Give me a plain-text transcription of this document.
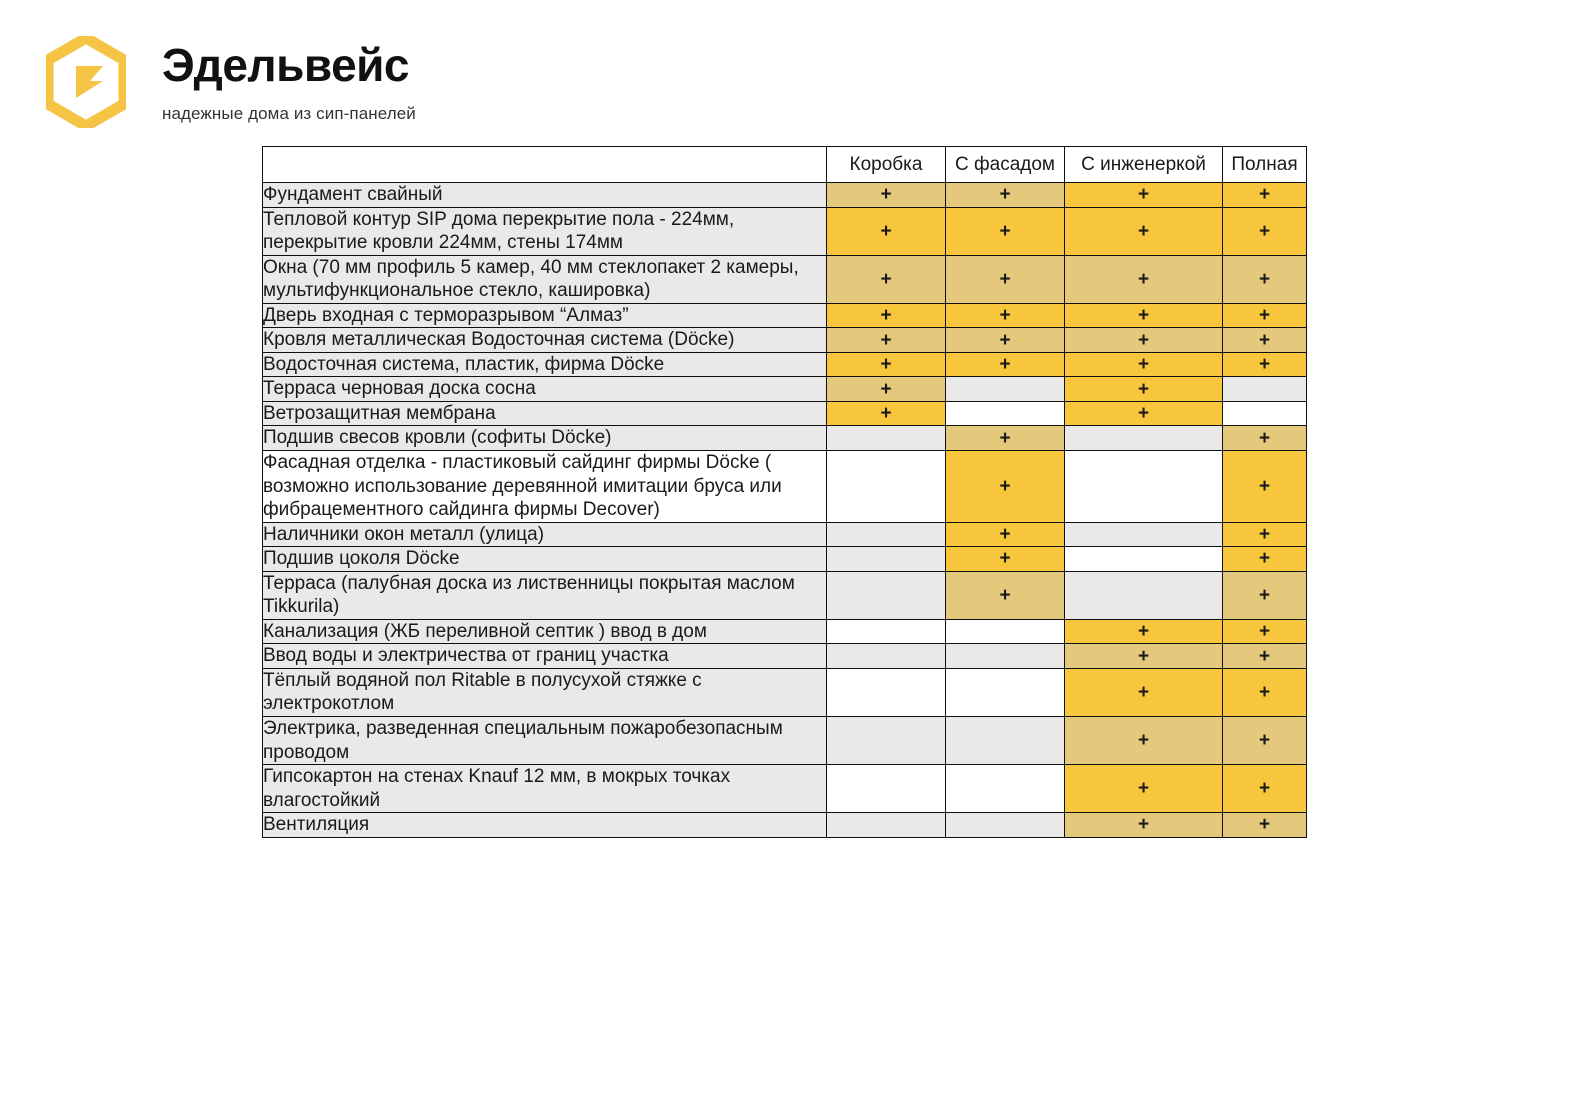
Эдельвейс
надежные дома из сип-панелей
	Коробка	С фасадом	С инженеркой	Полная
Фундамент свайный	+	+	+	+
Тепловой контур SIP дома перекрытие пола - 224мм, перекрытие кровли 224мм, стены 174мм	+	+	+	+
Окна (70 мм профиль 5 камер, 40 мм стеклопакет 2 камеры, мультифункциональное стекло, каширoвка)	+	+	+	+
Дверь входная с терморазрывом “Алмаз”	+	+	+	+
Кровля металлическая Водосточная система (Döcke)	+	+	+	+
Водосточная система, пластик, фирма Döcke	+	+	+	+
Терраса черновая доска сосна	+		+	
Ветрозащитная мембрана	+		+	
Подшив свесов кровли (софиты Döcke)		+		+
Фасадная отделка - пластиковый сайдинг фирмы Döcke ( возможно использование деревянной имитации бруса или фибрацементного сайдинга фирмы Decover)		+		+
Наличники окон металл (улица)		+		+
Подшив цоколя Döcke		+		+
Терраса (палубная доска из лиственницы покрытая маслом Tikkurila)		+		+
Канализация (ЖБ переливной септик ) ввод в дом			+	+
Ввод воды и электричества от границ участка			+	+
Тёплый водяной пол Ritable в полусухой стяжке с электрокотлом			+	+
Электрика, разведенная специальным пожаробезопасным проводом			+	+
Гипсокартон на стенах Knauf 12 мм, в мокрых точках влагостойкий			+	+
Вентиляция			+	+
